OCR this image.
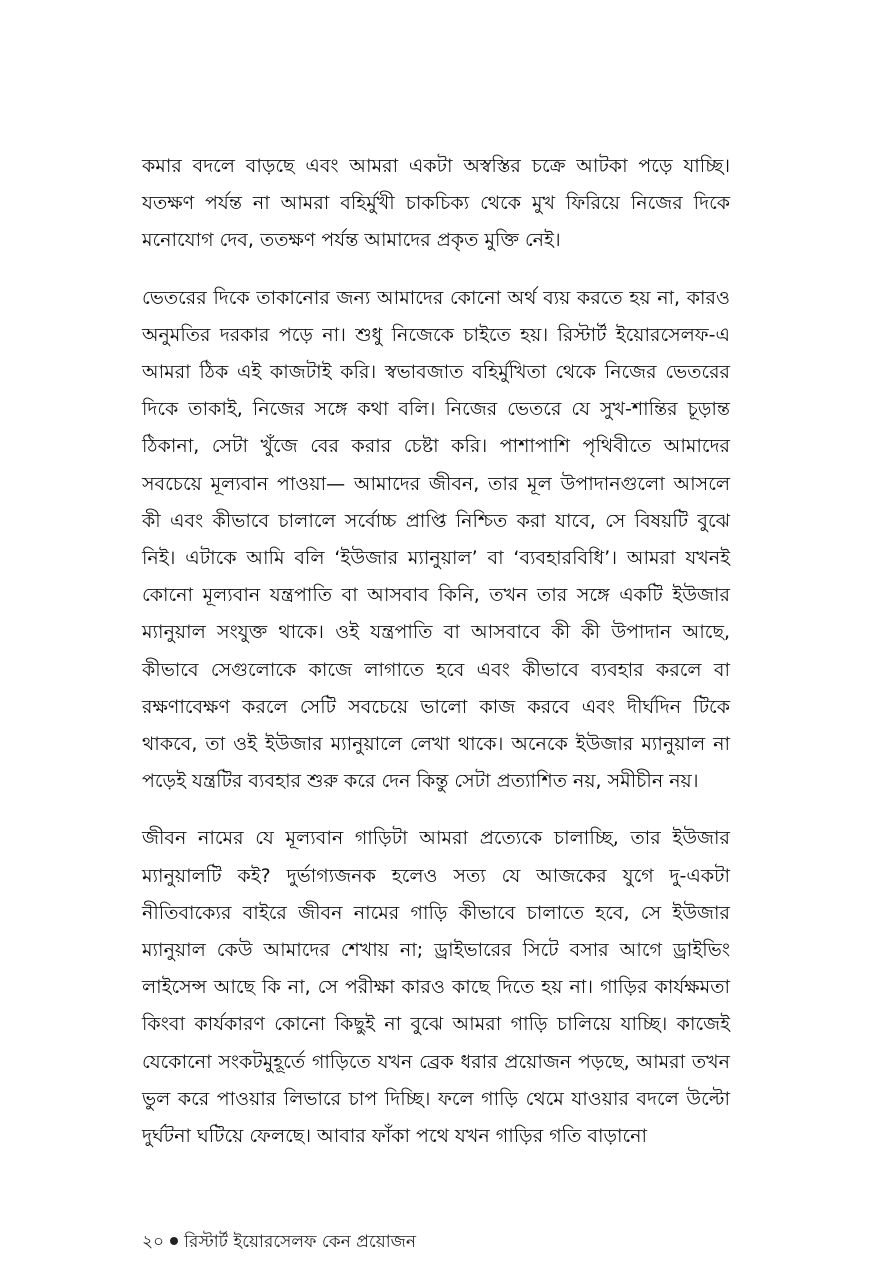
কমার বদলে বাড়ছে এবং আমরা একটা অস্বস্তির চক্রে আটকা পড়ে যাচ্ছি। যতক্ষণ পর্যন্ত না আমরা বহির্মুখী চাকচিক্য থেকে মুখ ফিরিয়ে নিজের দিকে মনোযোগ দেব, ততক্ষণ পর্যন্ত আমাদের প্রকৃত মুক্তি নেই।

ভেতরের দিকে তাকানোর জন্য আমাদের কোনো অর্থ ব্যয় করতে হয় না, কারও অনুমতির দরকার পড়ে না। শুধু নিজেকে চাইতে হয়। রিস্টার্ট ইয়োরসেলফ-এ আমরা ঠিক এই কাজটাই করি। স্বভাবজাত বহির্মুখিতা থেকে নিজের ভেতরের দিকে তাকাই, নিজের সঙ্গে কথা বলি। নিজের ভেতরে যে সুখ-শান্তির চূড়ান্ত ঠিকানা, সেটা খুঁজে বের করার চেষ্টা করি। পাশাপাশি পৃথিবীতে আমাদের সবচেয়ে মূল্যবান পাওয়া— আমাদের জীবন, তার মূল উপাদানগুলো আসলে কী এবং কীভাবে চালালে সর্বোচ্চ প্রাপ্তি নিশ্চিত করা যাবে, সে বিষয়টি বুঝে নিই। এটাকে আমি বলি ‘ইউজার ম্যানুয়াল’ বা ‘ব্যবহারবিধি’। আমরা যখনই কোনো মূল্যবান যন্ত্রপাতি বা আসবাব কিনি, তখন তার সঙ্গে একটি ইউজার ম্যানুয়াল সংযুক্ত থাকে। ওই যন্ত্রপাতি বা আসবাবে কী কী উপাদান আছে, কীভাবে সেগুলোকে কাজে লাগাতে হবে এবং কীভাবে ব্যবহার করলে বা রক্ষণাবেক্ষণ করলে সেটি সবচেয়ে ভালো কাজ করবে এবং দীর্ঘদিন টিকে থাকবে, তা ওই ইউজার ম্যানুয়ালে লেখা থাকে। অনেকে ইউজার ম্যানুয়াল না পড়েই যন্ত্রটির ব্যবহার শুরু করে দেন কিন্তু সেটা প্রত্যাশিত নয়, সমীচীন নয়।

জীবন নামের যে মূল্যবান গাড়িটা আমরা প্রত্যেকে চালাচ্ছি, তার ইউজার ম্যানুয়ালটি কই? দুর্ভাগ্যজনক হলেও সত্য যে আজকের যুগে দু-একটা নীতিবাক্যের বাইরে জীবন নামের গাড়ি কীভাবে চালাতে হবে, সে ইউজার ম্যানুয়াল কেউ আমাদের শেখায় না; ড্রাইভারের সিটে বসার আগে ড্রাইভিং লাইসেন্স আছে কি না, সে পরীক্ষা কারও কাছে দিতে হয় না। গাড়ির কার্যক্ষমতা কিংবা কার্যকারণ কোনো কিছুই না বুঝে আমরা গাড়ি চালিয়ে যাচ্ছি। কাজেই যেকোনো সংকটমুহূর্তে গাড়িতে যখন ব্রেক ধরার প্রয়োজন পড়ছে, আমরা তখন ভুল করে পাওয়ার লিভারে চাপ দিচ্ছি। ফলে গাড়ি থেমে যাওয়ার বদলে উল্টো দুর্ঘটনা ঘটিয়ে ফেলছে। আবার ফাঁকা পথে যখন গাড়ির গতি বাড়ানো

২০ রিস্টার্ট ইয়োরসেলফ কেন প্রয়োজন
